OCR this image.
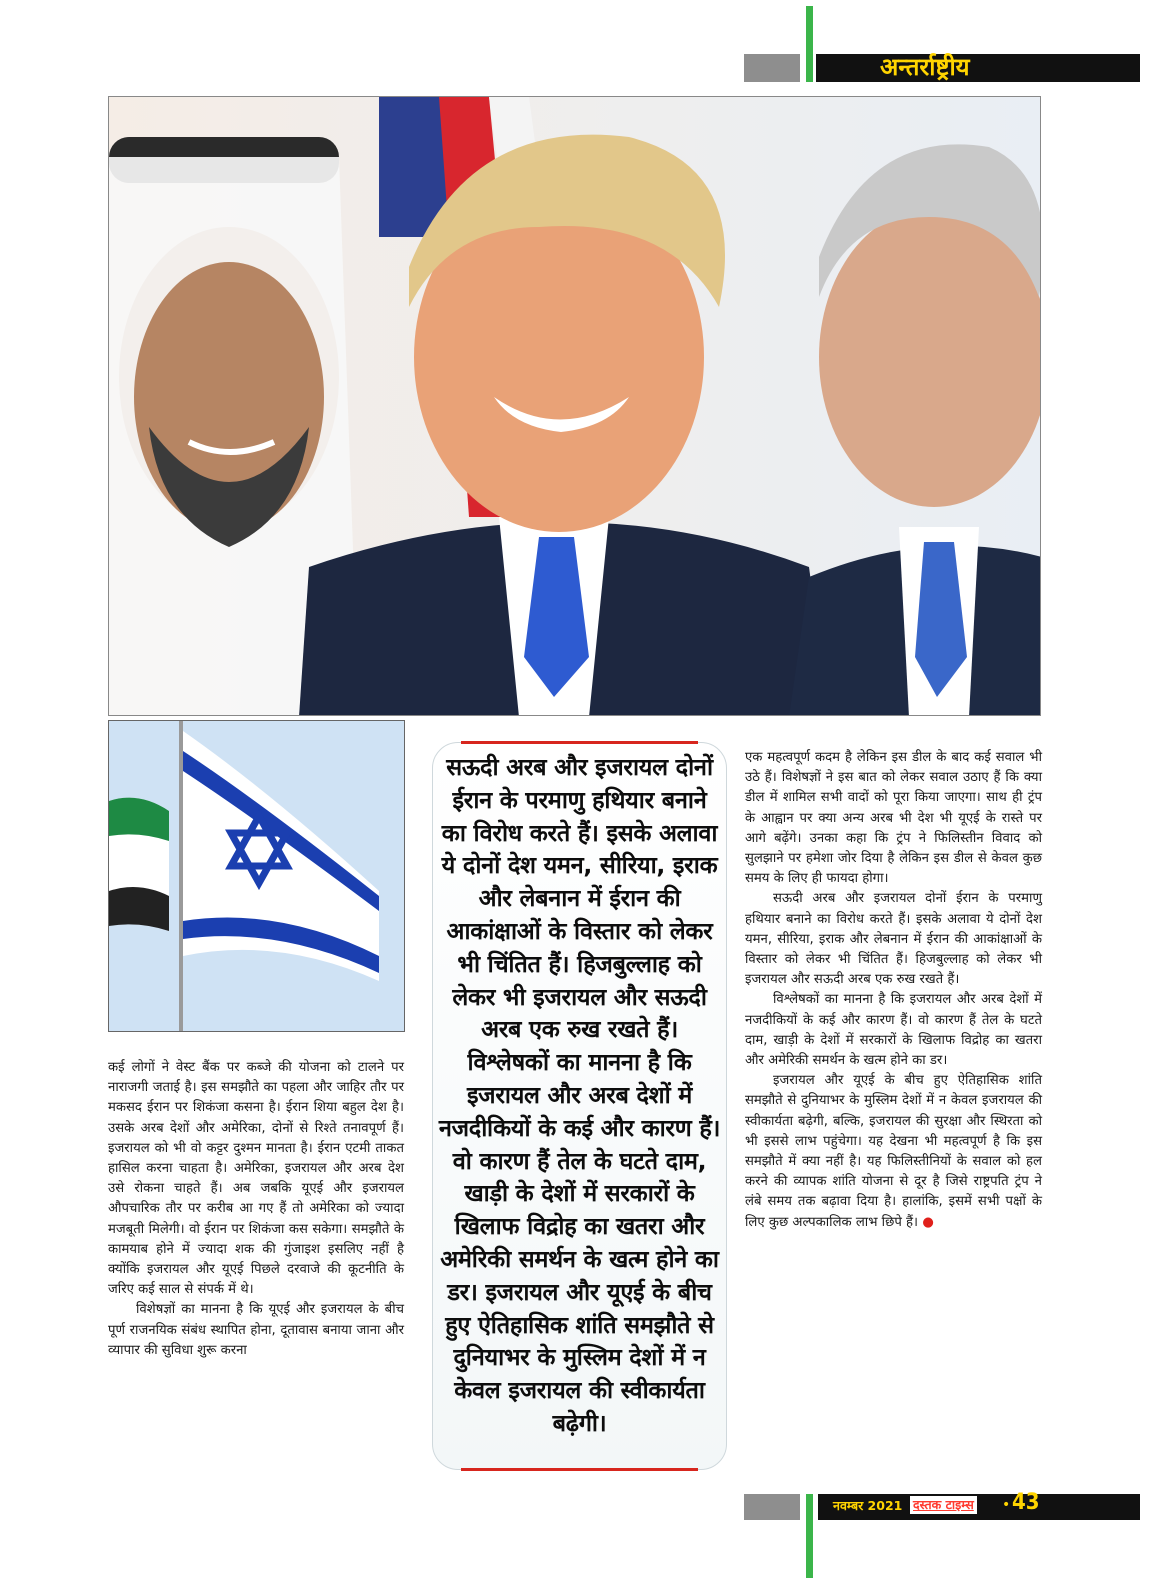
अन्तर्राष्ट्रीय

कई लोगों ने वेस्ट बैंक पर कब्जे की योजना को टालने पर नाराजगी जताई है। इस समझौते का पहला और जाहिर तौर पर मकसद ईरान पर शिकंजा कसना है। ईरान शिया बहुल देश है। उसके अरब देशों और अमेरिका, दोनों से रिश्ते तनावपूर्ण हैं। इजरायल को भी वो कट्टर दुश्मन मानता है। ईरान एटमी ताकत हासिल करना चाहता है। अमेरिका, इजरायल और अरब देश उसे रोकना चाहते हैं। अब जबकि यूएई और इजरायल औपचारिक तौर पर करीब आ गए हैं तो अमेरिका को ज्यादा मजबूती मिलेगी। वो ईरान पर शिकंजा कस सकेगा। समझौते के कामयाब होने में ज्यादा शक की गुंजाइश इसलिए नहीं है क्योंकि इजरायल और यूएई पिछले दरवाजे की कूटनीति के जरिए कई साल से संपर्क में थे।

विशेषज्ञों का मानना है कि यूएई और इजरायल के बीच पूर्ण राजनयिक संबंध स्थापित होना, दूतावास बनाया जाना और व्यापार की सुविधा शुरू करना

सऊदी अरब और इजरायल दोनों ईरान के परमाणु हथियार बनाने का विरोध करते हैं। इसके अलावा ये दोनों देश यमन, सीरिया, इराक और लेबनान में ईरान की आकांक्षाओं के विस्तार को लेकर भी चिंतित हैं। हिजबुल्लाह को लेकर भी इजरायल और सऊदी अरब एक रुख रखते हैं। विश्लेषकों का मानना है कि इजरायल और अरब देशों में नजदीकियों के कई और कारण हैं। वो कारण हैं तेल के घटते दाम, खाड़ी के देशों में सरकारों के खिलाफ विद्रोह का खतरा और अमेरिकी समर्थन के खत्म होने का डर। इजरायल और यूएई के बीच हुए ऐतिहासिक शांति समझौते से दुनियाभर के मुस्लिम देशों में न केवल इजरायल की स्वीकार्यता बढ़ेगी।

एक महत्वपूर्ण कदम है लेकिन इस डील के बाद कई सवाल भी उठे हैं। विशेषज्ञों ने इस बात को लेकर सवाल उठाए हैं कि क्या डील में शामिल सभी वादों को पूरा किया जाएगा। साथ ही ट्रंप के आह्वान पर क्या अन्य अरब भी देश भी यूएई के रास्ते पर आगे बढ़ेंगे। उनका कहा कि ट्रंप ने फिलिस्तीन विवाद को सुलझाने पर हमेशा जोर दिया है लेकिन इस डील से केवल कुछ समय के लिए ही फायदा होगा।

सऊदी अरब और इजरायल दोनों ईरान के परमाणु हथियार बनाने का विरोध करते हैं। इसके अलावा ये दोनों देश यमन, सीरिया, इराक और लेबनान में ईरान की आकांक्षाओं के विस्तार को लेकर भी चिंतित हैं। हिजबुल्लाह को लेकर भी इजरायल और सऊदी अरब एक रुख रखते हैं।

विश्लेषकों का मानना है कि इजरायल और अरब देशों में नजदीकियों के कई और कारण हैं। वो कारण हैं तेल के घटते दाम, खाड़ी के देशों में सरकारों के खिलाफ विद्रोह का खतरा और अमेरिकी समर्थन के खत्म होने का डर।

इजरायल और यूएई के बीच हुए ऐतिहासिक शांति समझौते से दुनियाभर के मुस्लिम देशों में न केवल इजरायल की स्वीकार्यता बढ़ेगी, बल्कि, इजरायल की सुरक्षा और स्थिरता को भी इससे लाभ पहुंचेगा। यह देखना भी महत्वपूर्ण है कि इस समझौते में क्या नहीं है। यह फिलिस्तीनियों के सवाल को हल करने की व्यापक शांति योजना से दूर है जिसे राष्ट्रपति ट्रंप ने लंबे समय तक बढ़ावा दिया है। हालांकि, इसमें सभी पक्षों के लिए कुछ अल्पकालिक लाभ छिपे हैं। ●

नवम्बर 2021 दस्तक टाइम्स • 43
